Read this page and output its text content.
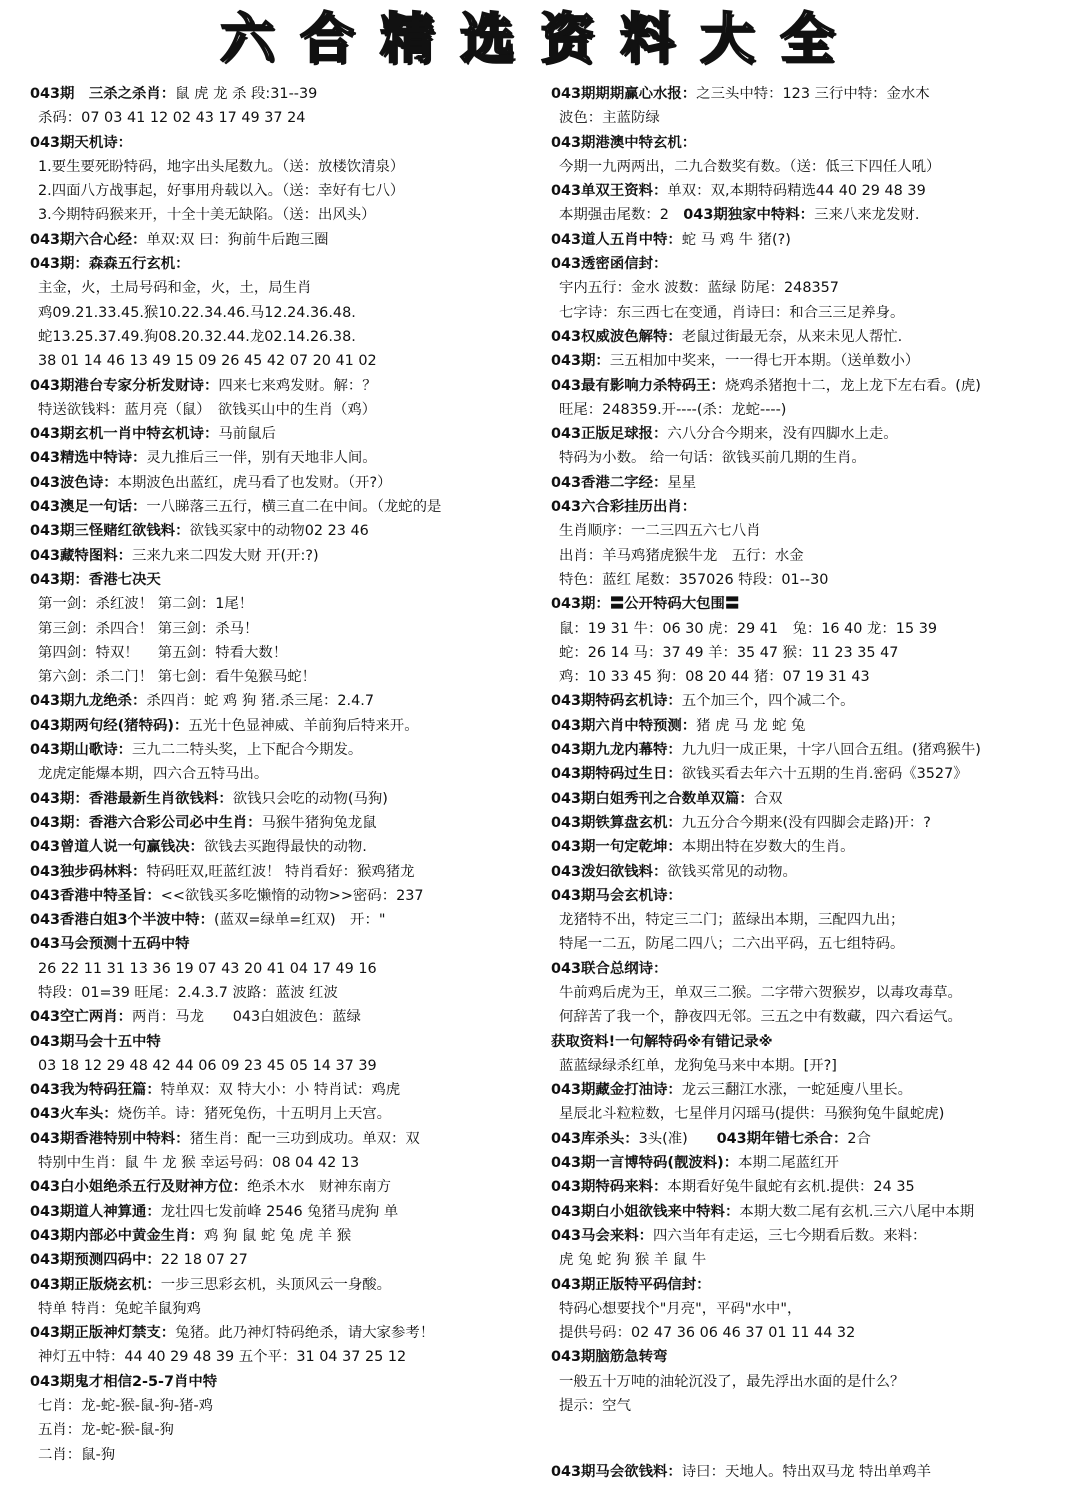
六合精选资料大全
043期　三杀之杀肖：鼠 虎 龙 杀 段:31--39
杀码：07 03 41 12 02 43 17 49 37 24
043期天机诗：
1.要生要死盼特码，地字出头尾数九。（送：放楼饮清泉）
2.四面八方战事起，好事用舟载以入。（送：幸好有七八）
3.今期特码猴来开，十全十美无缺陷。（送：出风头）
043期六合心经：单双:双 曰：狗前牛后跑三圈
043期：森森五行玄机：
主金，火，土局号码和金，火，土，局生肖
鸡09.21.33.45.猴10.22.34.46.马12.24.36.48.
蛇13.25.37.49.狗08.20.32.44.龙02.14.26.38.
38 01 14 46 13 49 15 09 26 45 42 07 20 41 02
043期港台专家分析发财诗：四来七来鸡发财。解：？
特送欲钱料：蓝月亮（鼠）　欲钱买山中的生肖（鸡）
043期玄机一肖中特玄机诗：马前鼠后
043精选中特诗：灵九推后三一伴，别有天地非人间。
043波色诗：本期波色出蓝红，虎马看了也发财。（开?）
043澳足一句话：一八睇落三五行，横三直二在中间。（龙蛇的是
043期三怪赌红欲钱料：欲钱买家中的动物02 23 46
043藏特图料：三来九来二四发大财 开(开:?)
043期：香港七决天
第一剑：杀红波！ 第二剑：1尾！
第三剑：杀四合！ 第三剑：杀马！
第四剑：特双！　 第五剑：特看大数！
第六剑：杀二门！ 第七剑：看牛兔猴马蛇！
043期九龙绝杀：杀四肖：蛇 鸡 狗 猪.杀三尾：2.4.7
043期两句经(猪特码)：五光十色显神威、羊前狗后特来开。
043期山歌诗：三九二二特头奖，上下配合今期发。
龙虎定能爆本期，四六合五特马出。
043期：香港最新生肖欲钱料：欲钱只会吃的动物(马狗)
043期：香港六合彩公司必中生肖：马猴牛猪狗兔龙鼠
043曾道人说一句赢钱决：欲钱去买跑得最快的动物.
043独步码林料：特码旺双,旺蓝红波！ 特肖看好：猴鸡猪龙
043香港中特圣旨：<<欲钱买多吃懒惰的动物>>密码：237
043香港白姐3个半波中特：(蓝双=绿单=红双)　开："
043马会预测十五码中特
26 22 11 31 13 36 19 07 43 20 41 04 17 49 16
特段：01=39 旺尾：2.4.3.7 波路：蓝波 红波
043空亡两肖：两肖：马龙　　043白姐波色：蓝绿
043期马会十五中特
03 18 12 29 48 42 44 06 09 23 45 05 14 37 39
043我为特码狂篇：特单双：双 特大小：小 特肖试：鸡虎
043火车头：烧伤羊。诗：猪死兔伤，十五明月上天宫。
043期香港特别中特料：猪生肖：配一三功到成功。单双：双
特别中生肖：鼠 牛 龙 猴 幸运号码：08 04 42 13
043白小姐绝杀五行及财神方位：绝杀木水　财神东南方
043期道人神算通：龙壮四七发前峰 2546 兔猪马虎狗 单
043期内部必中黄金生肖：鸡 狗 鼠 蛇 兔 虎 羊 猴
043期预测四码中：22 18 07 27
043期正版烧玄机：一步三思彩玄机，头顶风云一身酸。
特单 特肖：兔蛇羊鼠狗鸡
043期正版神灯禁支：兔猪。此乃神灯特码绝杀，请大家参考！
神灯五中特：44 40 29 48 39 五个平：31 04 37 25 12
043期鬼才相信2-5-7肖中特
七肖：龙-蛇-猴-鼠-狗-猪-鸡
五肖：龙-蛇-猴-鼠-狗
二肖：鼠-狗
043期期期赢心水报：之三头中特：123 三行中特：金水木
波色：主蓝防绿
043期港澳中特玄机：
今期一九两两出，二九合数奖有数。（送：低三下四任人吼）
043单双王资料：单双：双,本期特码精选44 40 29 48 39
本期强击尾数：2　043期独家中特料：三来八来龙发财.
043道人五肖中特：蛇 马 鸡 牛 猪(?)
043透密函信封：
宇内五行：金水 波数：蓝绿 防尾：248357
七字诗：东三西七在变通，肖诗曰：和合三三足养身。
043权威波色解特：老鼠过街最无奈，从来未见人帮忙.
043期：三五相加中奖来，一一得七开本期。（送单数小）
043最有影响力杀特码王：烧鸡杀猪抱十二，龙上龙下左右看。(虎)
旺尾：248359.开----(杀：龙蛇----)
043正版足球报：六八分合今期来，没有四脚水上走。
特码为小数。 给一句话：欲钱买前几期的生肖。
043香港二字经：星星
043六合彩挂历出肖：
生肖顺序：一二三四五六七八肖
出肖：羊马鸡猪虎猴牛龙　五行：水金
特色：蓝红 尾数：357026 特段：01--30
043期：〓公开特码大包围〓
鼠：19 31 牛：06 30 虎：29 41　兔：16 40 龙：15 39
蛇：26 14 马：37 49 羊：35 47 猴：11 23 35 47
鸡：10 33 45 狗：08 20 44 猪：07 19 31 43
043期特码玄机诗：五个加三个，四个减二个。
043期六肖中特预测：猪 虎 马 龙 蛇 兔
043期九龙内幕特：九九归一成正果，十字八回合五组。(猪鸡猴牛)
043期特码过生日：欲钱买看去年六十五期的生肖.密码《3527》
043期白姐秀刊之合数单双篇：合双
043期铁算盘玄机：九五分合今期来(没有四脚会走路)开：?
043期一句定乾坤：本期出特在岁数大的生肖。
043泼妇欲钱料：欲钱买常见的动物。
043期马会玄机诗：
龙猪特不出，特定三二门；蓝绿出本期，三配四九出；
特尾一二五，防尾二四八；二六出平码，五七组特码。
043联合总纲诗：
牛前鸡后虎为王，单双三二猴。二字带六贺猴岁，以毒攻毒草。
何辞苦了我一个，静夜四无邻。三五之中有数藏，四六看运气。
获取资料!一句解特码※有错记录※
蓝蓝绿绿杀红单，龙狗兔马来中本期。[开?]
043期藏金打油诗：龙云三翻江水涨，一蛇延廋八里长。
星辰北斗粒粒数，七星伴月闪瑶马(提供：马猴狗兔牛鼠蛇虎)
043库杀头：3头(准)　　043期年错七杀合：2合
043期一言博特码(靓波料)：本期二尾蓝红开
043期特码来料：本期看好兔牛鼠蛇有玄机.提供：24 35
043期白小姐欲钱来中特料：本期大数二尾有玄机.三六八尾中本期
043马会来料：四六当年有走运，三七今期看后数。来料：
虎 兔 蛇 狗 猴 羊 鼠 牛
043期正版特平码信封：
特码心想要找个"月亮"，平码"水中"，
提供号码：02 47 36 06 46 37 01 11 44 32
043期脑筋急转弯
一般五十万吨的油轮沉没了，最先浮出水面的是什么？
提示：空气
043期马会欲钱料：诗曰：天地人。特出双马龙 特出单鸡羊
